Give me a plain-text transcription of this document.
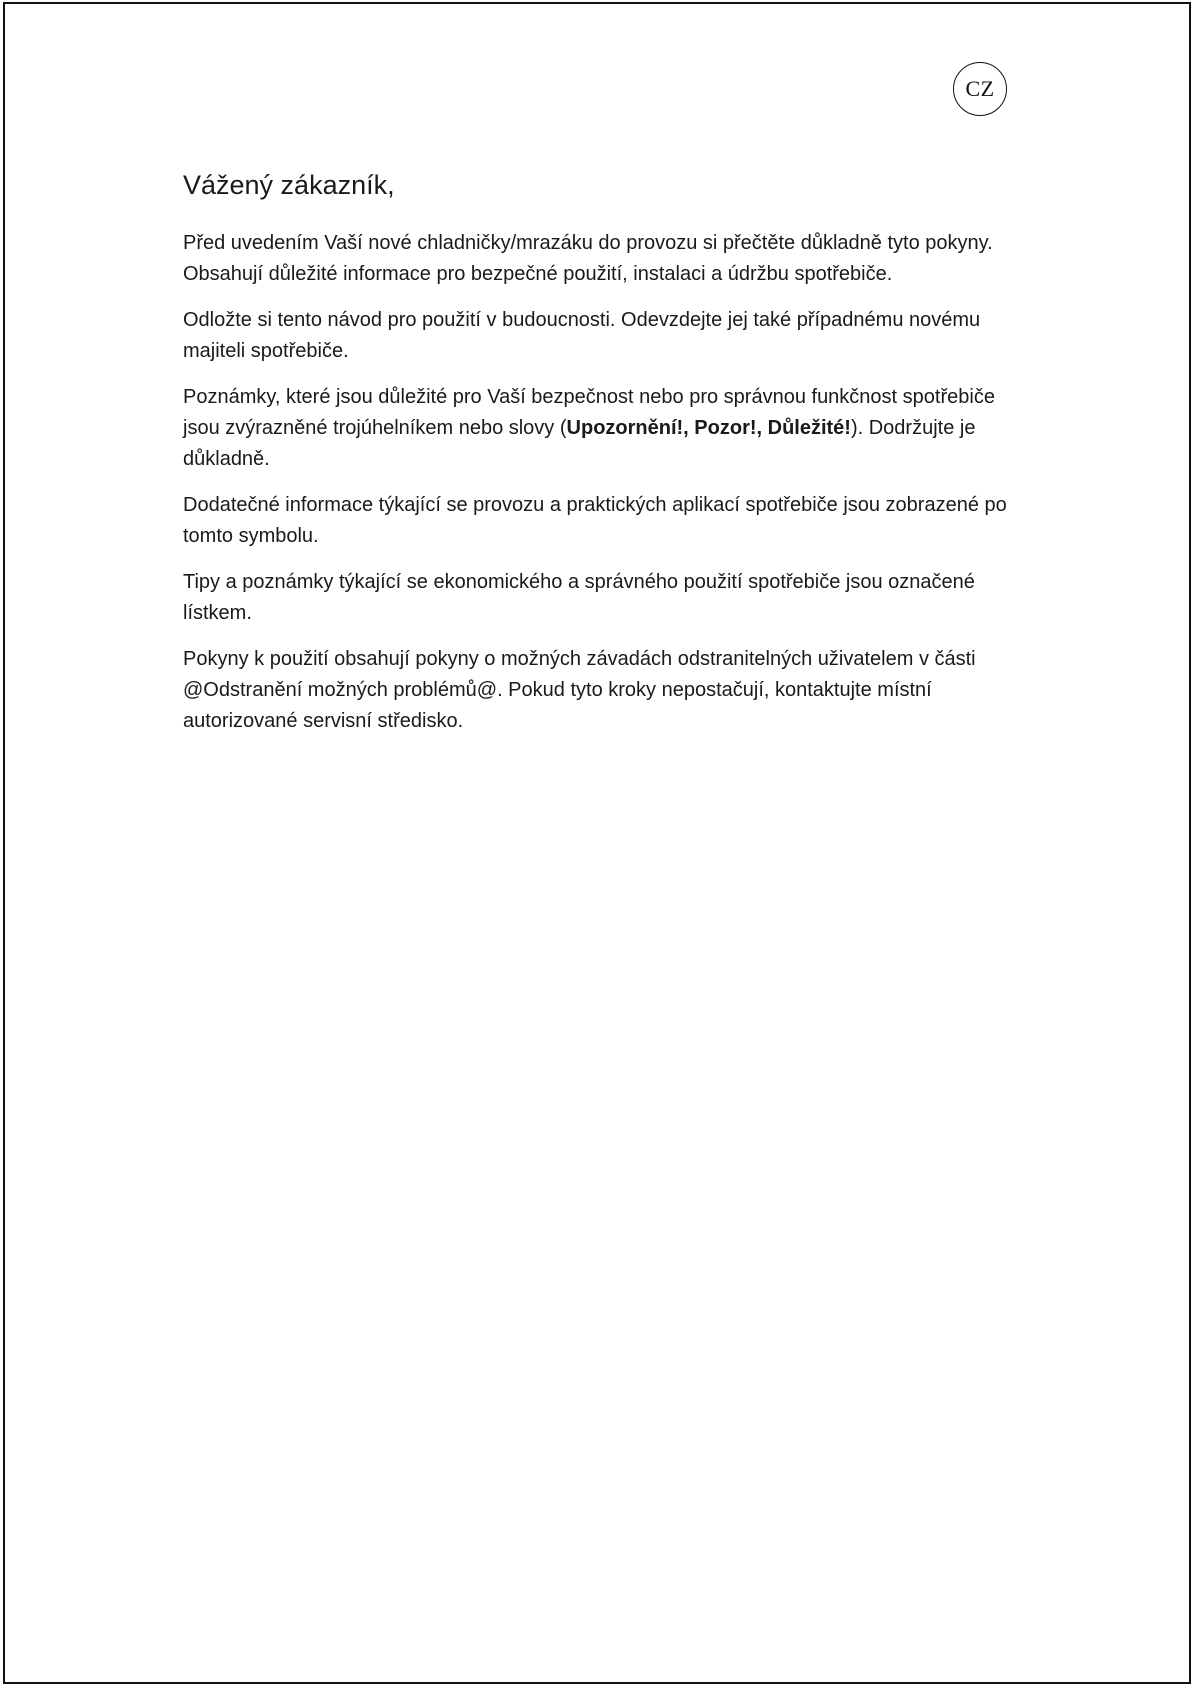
CZ
Vážený zákazník,

Před uvedením Vaší nové chladničky/mrazáku do provozu si přečtěte důkladně tyto pokyny. Obsahují důležité informace pro bezpečné použití, instalaci a údržbu spotřebiče.

Odložte si tento návod pro použití v budoucnosti. Odevzdejte jej také případnému novému majiteli spotřebiče.

Poznámky, které jsou důležité pro Vaší bezpečnost nebo pro správnou funkčnost spotřebiče jsou zvýrazněné trojúhelníkem nebo slovy (Upozornění!, Pozor!, Důležité!). Dodržujte je důkladně.

Dodatečné informace týkající se provozu a praktických aplikací spotřebiče jsou zobrazené po tomto symbolu.

Tipy a poznámky týkající se ekonomického a správného použití spotřebiče jsou označené lístkem.

Pokyny k použití obsahují pokyny o možných závadách odstranitelných uživatelem v části @Odstranění možných problémů@. Pokud tyto kroky nepostačují, kontaktujte místní autorizované servisní středisko.
